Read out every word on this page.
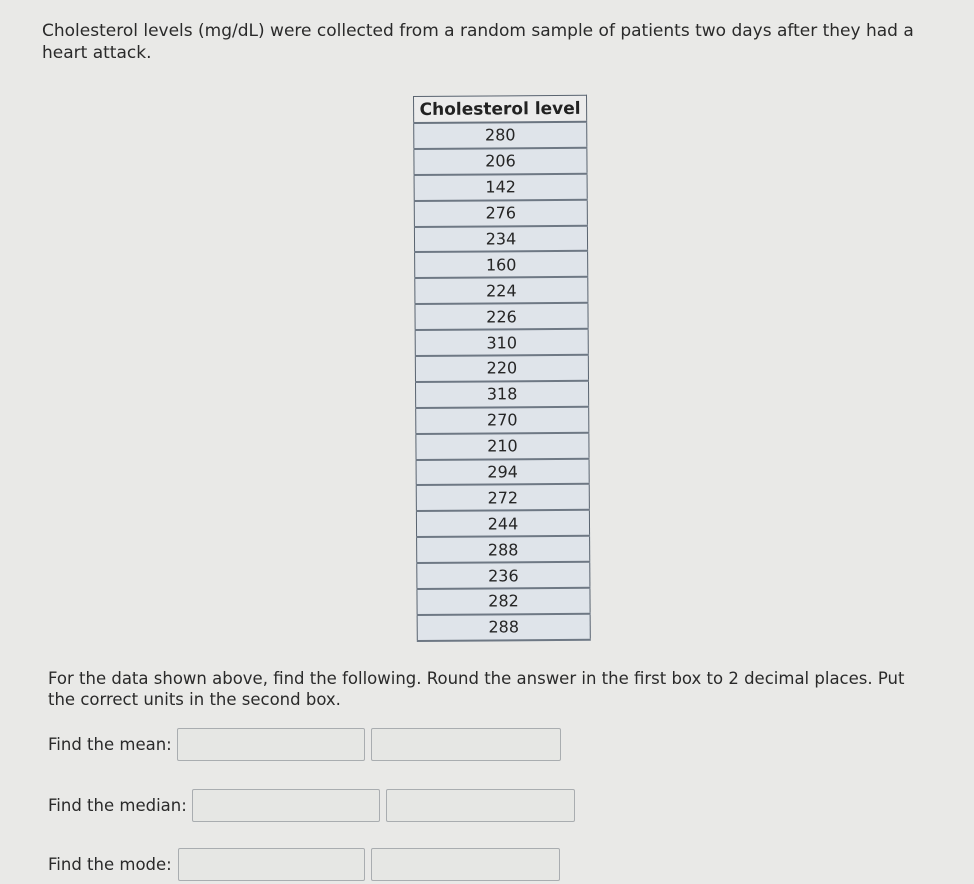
Cholesterol levels (mg/dL) were collected from a random sample of patients two days after they had a heart attack.
Cholesterol level
280
206
142
276
234
160
224
226
310
220
318
270
210
294
272
244
288
236
282
288
For the data shown above, find the following. Round the answer in the first box to 2 decimal places. Put the correct units in the second box.
Find the mean:
Find the median:
Find the mode:
